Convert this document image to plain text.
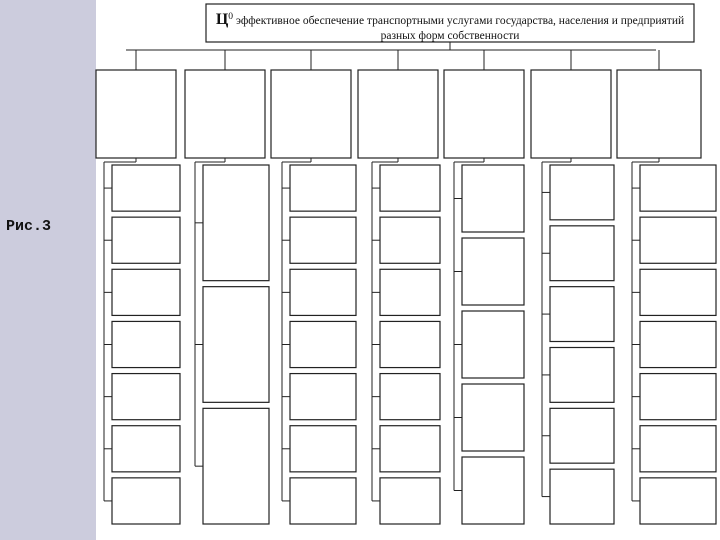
Рис.3
$Ц^0$ эффективное обеспечение транспортными услугами государства, населения и предприятий разных форм собственности
